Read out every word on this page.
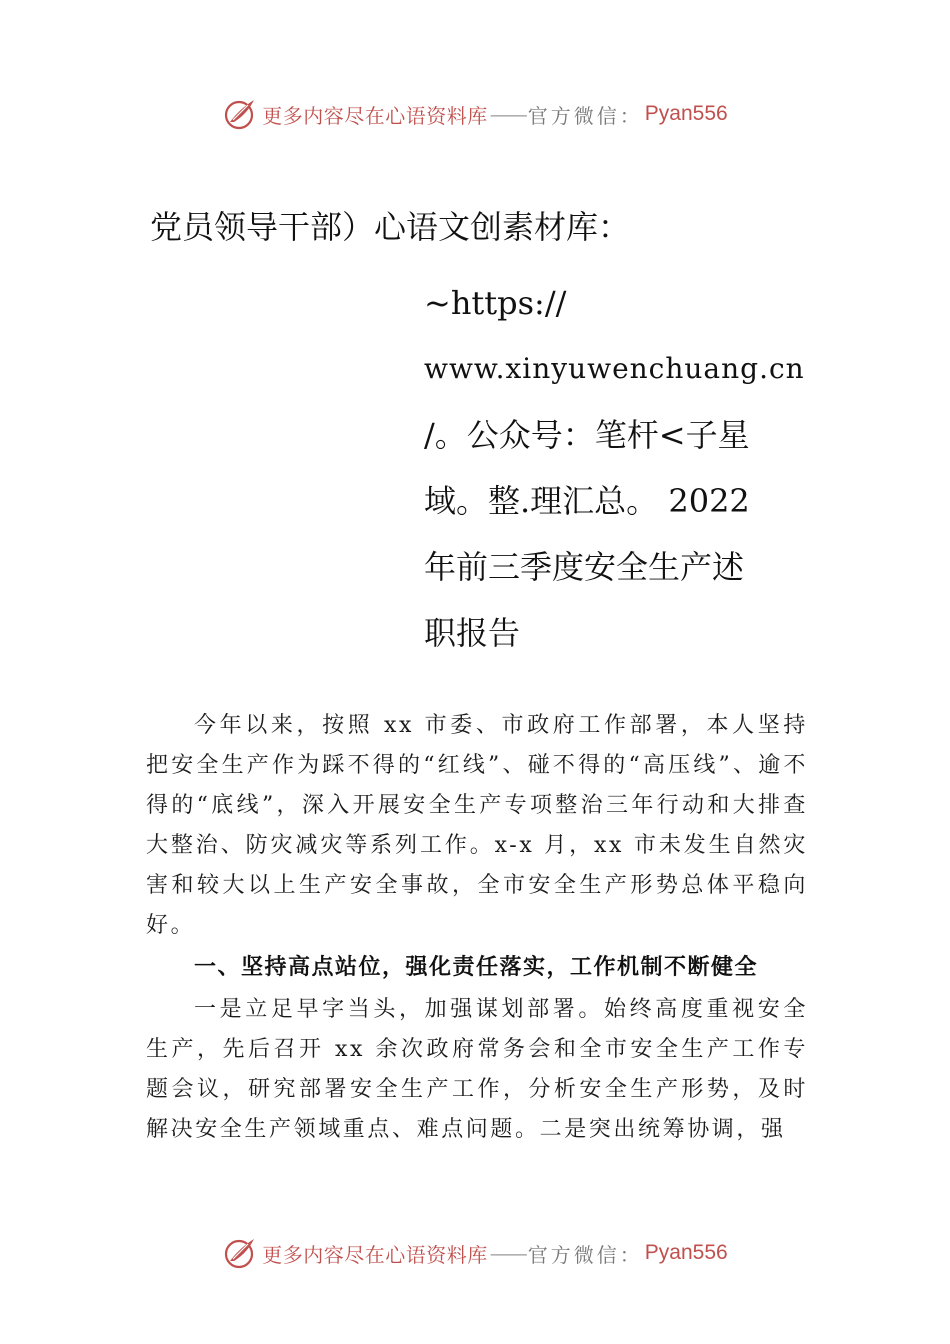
更多内容尽在心语资料库 —— 官方微信： Pyan556
党员领导干部）心语文创素材库：
~https://
www.xinyuwenchuang.cn
/。公众号：笔杆<子星
域。整.理汇总。 2022
年前三季度安全生产述
职报告

今年以来，按照 xx 市委、市政府工作部署，本人坚持把安全生产作为踩不得的“红线”、碰不得的“高压线”、逾不得的“底线”，深入开展安全生产专项整治三年行动和大排查大整治、防灾减灾等系列工作。x-x 月，xx 市未发生自然灾害和较大以上生产安全事故，全市安全生产形势总体平稳向好。

一、坚持高点站位，强化责任落实，工作机制不断健全

一是立足早字当头，加强谋划部署。始终高度重视安全生产，先后召开 xx 余次政府常务会和全市安全生产工作专题会议，研究部署安全生产工作，分析安全生产形势，及时解决安全生产领域重点、难点问题。二是突出统筹协调，强

更多内容尽在心语资料库 —— 官方微信： Pyan556
